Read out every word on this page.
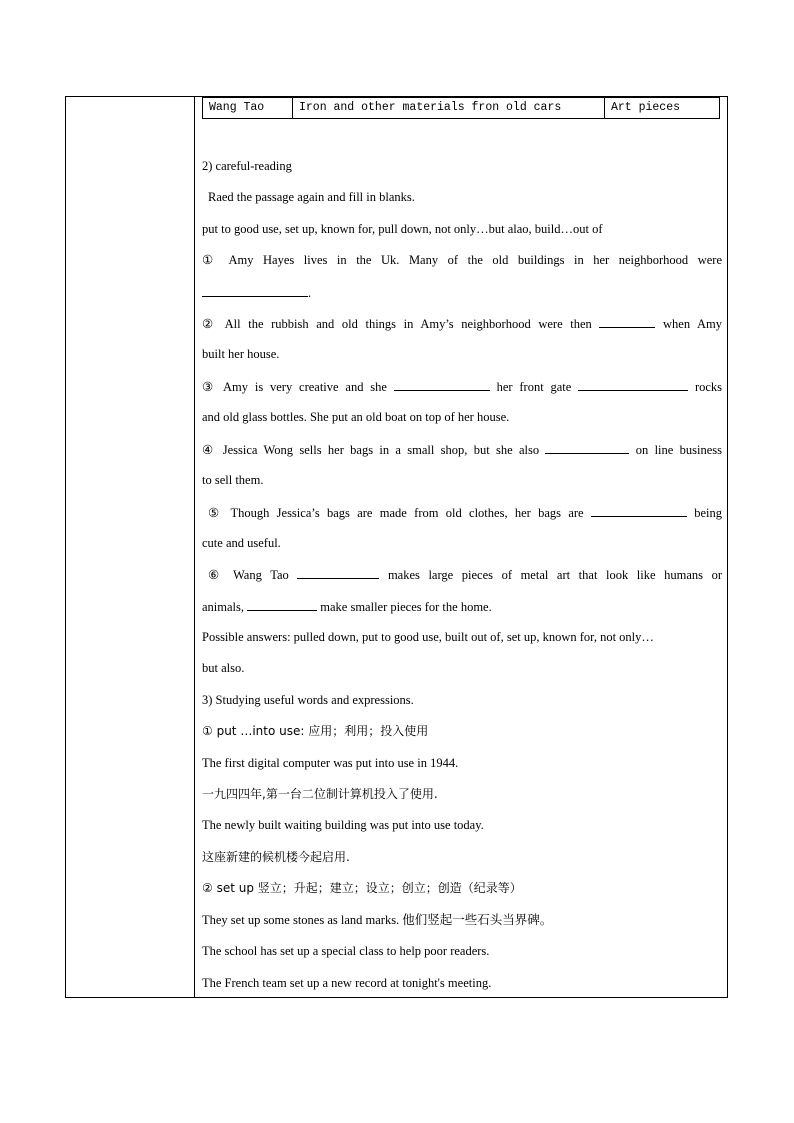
Wang Tao	Iron and other materials fron old cars	Art pieces
2) careful-reading
Raed the passage again and fill in blanks.
put to good use, set up, known for, pull down, not only…but alao, build…out of
① Amy Hayes lives in the Uk. Many of the old buildings in her neighborhood were
.
② All the rubbish and old things in Amy’s neighborhood were then	when Amy
built her house.
③ Amy is very creative and she	her front gate	rocks
and old glass bottles. She put an old boat on top of her house.
④ Jessica Wong sells her bags in a small shop, but she also	on line business
to sell them.
⑤ Though Jessica’s bags are made from old clothes, her bags are	being
cute and useful.
⑥ Wang Tao	makes large pieces of metal art that look like humans or
animals,	make smaller pieces for the home.
Possible answers: pulled down, put to good use, built out of, set up, known for, not only…
but also.
3) Studying useful words and expressions.
① put …into use: 应用；利用；投入使用
The first digital computer was put into use in 1944.
一九四四年,第一台二位制计算机投入了使用.
The newly built waiting building was put into use today.
这座新建的候机楼今起启用.
② set up 竖立；升起；建立；设立；创立；创造（纪录等）
They set up some stones as land marks. 他们竖起一些石头当界碑。
The school has set up a special class to help poor readers.
The French team set up a new record at tonight's meeting.
